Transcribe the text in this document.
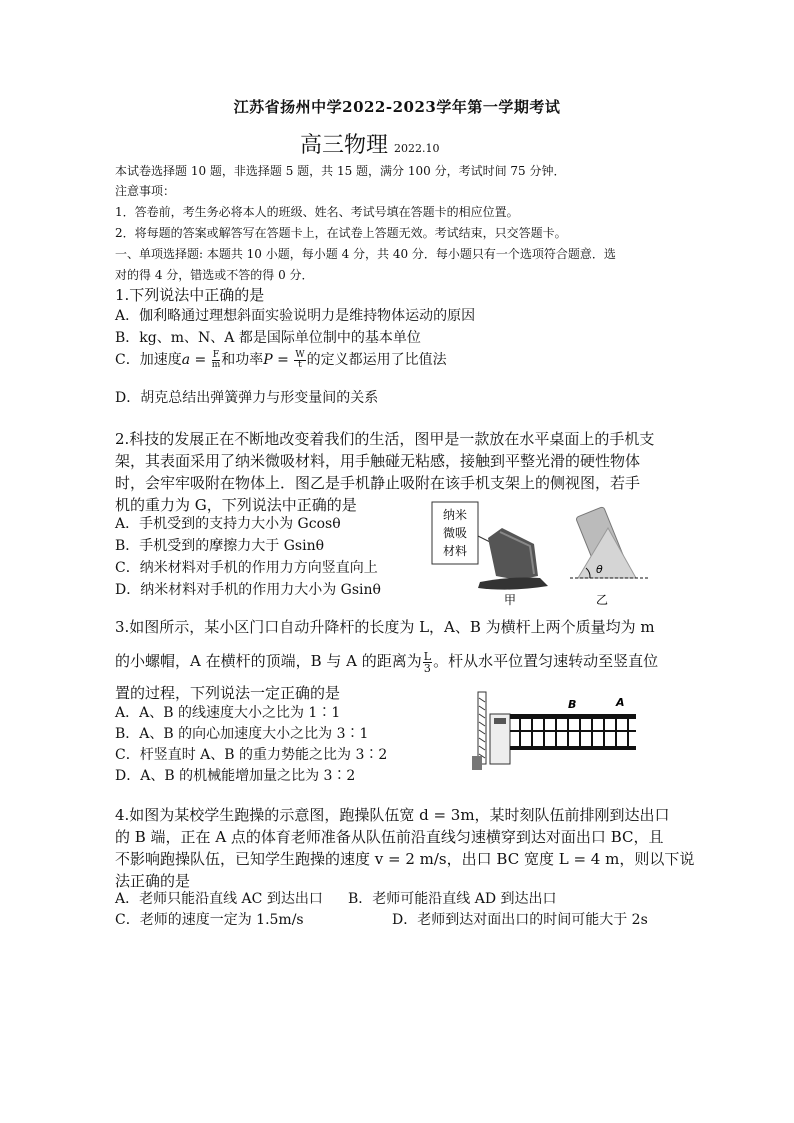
江苏省扬州中学2022-2023学年第一学期考试
高三物理 2022.10
本试卷选择题 10 题，非选择题 5 题，共 15 题，满分 100 分，考试时间 75 分钟．
注意事项：
1．答卷前，考生务必将本人的班级、姓名、考试号填在答题卡的相应位置。
2．将每题的答案或解答写在答题卡上，在试卷上答题无效。考试结束，只交答题卡。
一、单项选择题: 本题共 10 小题，每小题 4 分，共 40 分．每小题只有一个选项符合题意．选
对的得 4 分，错选或不答的得 0 分．
1.下列说法中正确的是
A．伽利略通过理想斜面实验说明力是维持物体运动的原因
B．kg、m、N、A 都是国际单位制中的基本单位
C．加速度$a = \frac{F}{m}$ 和功率$P = \frac{W}{t}$ 的定义都运用了比值法
D．胡克总结出弹簧弹力与形变量间的关系
2.科技的发展正在不断地改变着我们的生活，图甲是一款放在水平桌面上的手机支
架，其表面采用了纳米微吸材料，用手触碰无粘感，接触到平整光滑的硬性物体
时，会牢牢吸附在物体上．图乙是手机静止吸附在该手机支架上的侧视图，若手
机的重力为 G，下列说法中正确的是
A．手机受到的支持力大小为 Gcosθ
B．手机受到的摩擦力大于 Gsinθ
C．纳米材料对手机的作用力方向竖直向上
D．纳米材料对手机的作用力大小为 Gsinθ
纳米
微吸
材料
甲
θ
乙
3.如图所示，某小区门口自动升降杆的长度为 L，A、B 为横杆上两个质量均为 m
的小螺帽，A 在横杆的顶端，B 与 A 的距离为 $\frac{L}{3}$ 。杆从水平位置匀速转动至竖直位
置的过程，下列说法一定正确的是
A．A、B 的线速度大小之比为 1∶1
B．A、B 的向心加速度大小之比为 3∶1
C．杆竖直时 A、B 的重力势能之比为 3∶2
D．A、B 的机械能增加量之比为 3∶2
B	A
4.如图为某校学生跑操的示意图，跑操队伍宽 d = 3m，某时刻队伍前排刚到达出口
的 B 端，正在 A 点的体育老师准备从队伍前沿直线匀速横穿到达对面出口 BC，且
不影响跑操队伍，已知学生跑操的速度 v = 2 m/s，出口 BC 宽度 L = 4 m，则以下说
法正确的是
A．老师只能沿直线 AC 到达出口 B．老师可能沿直线 AD 到达出口
C．老师的速度一定为 1.5m/s	D．老师到达对面出口的时间可能大于 2s
